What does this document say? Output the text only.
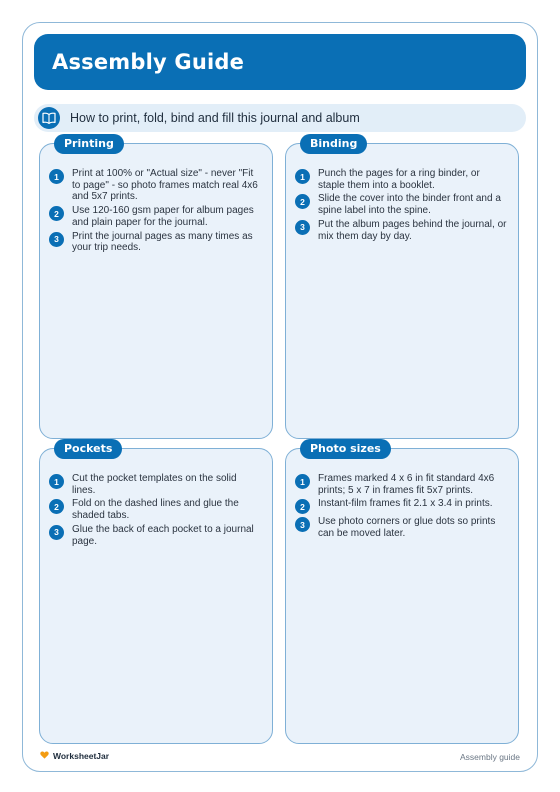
Assembly Guide
How to print, fold, bind and fill this journal and album
Printing
1	Print at 100% or "Actual size" - never "Fit to page" - so photo frames match real 4x6 and 5x7 prints.
2	Use 120-160 gsm paper for album pages and plain paper for the journal.
3	Print the journal pages as many times as your trip needs.
Binding
1	Punch the pages for a ring binder, or staple them into a booklet.
2	Slide the cover into the binder front and a spine label into the spine.
3	Put the album pages behind the journal, or mix them day by day.
Pockets
1	Cut the pocket templates on the solid lines.
2	Fold on the dashed lines and glue the shaded tabs.
3	Glue the back of each pocket to a journal page.
Photo sizes
1	Frames marked 4 x 6 in fit standard 4x6 prints; 5 x 7 in frames fit 5x7 prints.
2	Instant-film frames fit 2.1 x 3.4 in prints.
3	Use photo corners or glue dots so prints can be moved later.
WorksheetJar	Assembly guide
